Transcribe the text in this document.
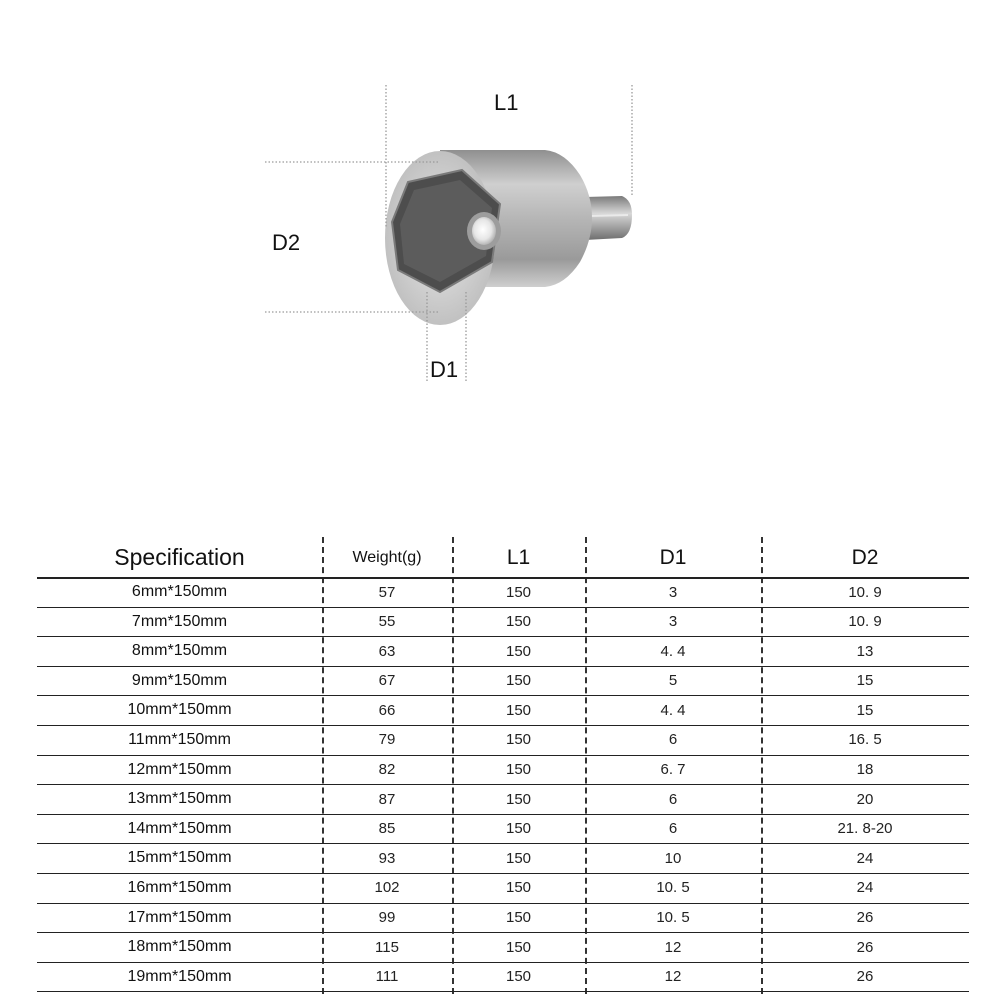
L1
D2
D1
Specification	Weight(g)	L1	D1	D2
6mm*150mm	57	150	3	10. 9
7mm*150mm	55	150	3	10. 9
8mm*150mm	63	150	4. 4	13
9mm*150mm	67	150	5	15
10mm*150mm	66	150	4. 4	15
11mm*150mm	79	150	6	16. 5
12mm*150mm	82	150	6. 7	18
13mm*150mm	87	150	6	20
14mm*150mm	85	150	6	21. 8-20
15mm*150mm	93	150	10	24
16mm*150mm	102	150	10. 5	24
17mm*150mm	99	150	10. 5	26
18mm*150mm	115	150	12	26
19mm*150mm	111	150	12	26
